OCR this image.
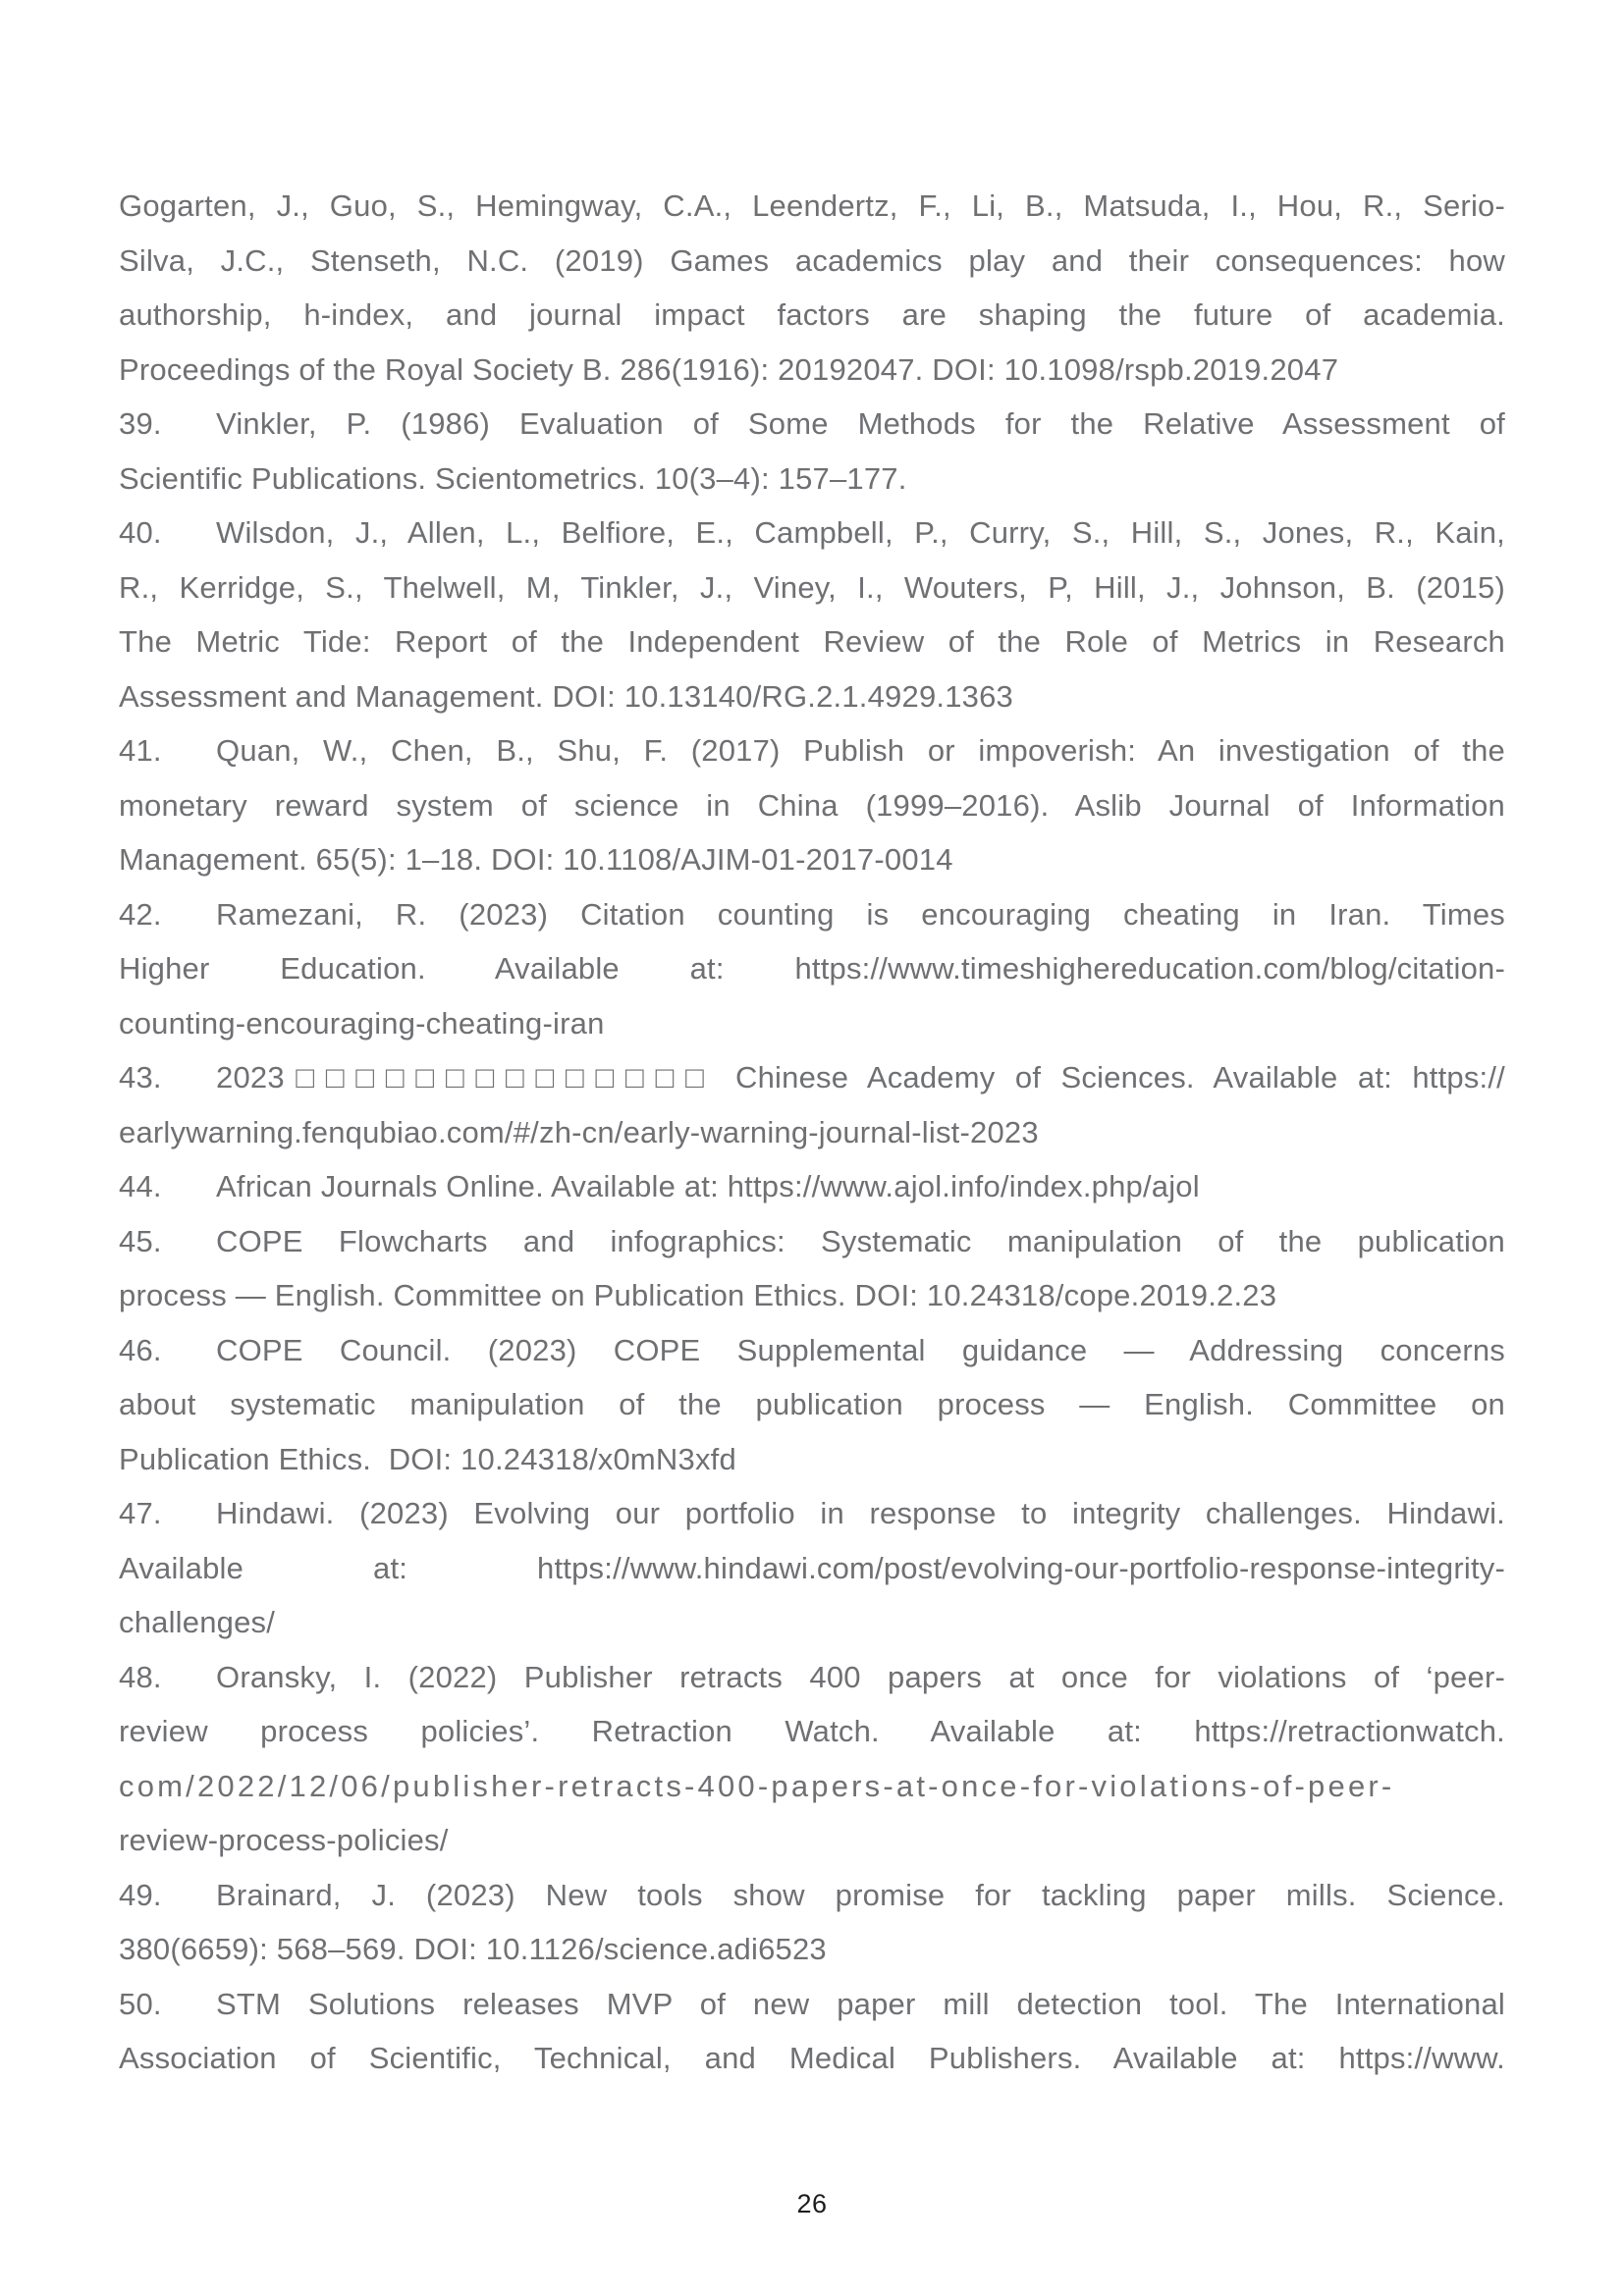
Gogarten, J., Guo, S., Hemingway, C.A., Leendertz, F., Li, B., Matsuda, I., Hou, R., Serio-
Silva, J.C., Stenseth, N.C. (2019) Games academics play and their consequences: how
authorship, h-index, and journal impact factors are shaping the future of academia.
Proceedings of the Royal Society B. 286(1916): 20192047. DOI: 10.1098/rspb.2019.2047
39. Vinkler, P. (1986) Evaluation of Some Methods for the Relative Assessment of
Scientific Publications. Scientometrics. 10(3–4): 157–177.
40. Wilsdon, J., Allen, L., Belfiore, E., Campbell, P., Curry, S., Hill, S., Jones, R., Kain,
R., Kerridge, S., Thelwell, M, Tinkler, J., Viney, I., Wouters, P, Hill, J., Johnson, B. (2015)
The Metric Tide: Report of the Independent Review of the Role of Metrics in Research
Assessment and Management. DOI: 10.13140/RG.2.1.4929.1363
41. Quan, W., Chen, B., Shu, F. (2017) Publish or impoverish: An investigation of the
monetary reward system of science in China (1999–2016). Aslib Journal of Information
Management. 65(5): 1–18. DOI: 10.1108/AJIM-01-2017-0014
42. Ramezani, R. (2023) Citation counting is encouraging cheating in Iran. Times
Higher Education. Available at: https://www.timeshighereducation.com/blog/citation-
counting-encouraging-cheating-iran
43. 2023□□□□□□□□□□□□□□ Chinese Academy of Sciences. Available at: https://
earlywarning.fenqubiao.com/#/zh-cn/early-warning-journal-list-2023
44. African Journals Online. Available at: https://www.ajol.info/index.php/ajol
45. COPE Flowcharts and infographics: Systematic manipulation of the publication
process — English. Committee on Publication Ethics. DOI: 10.24318/cope.2019.2.23
46. COPE Council. (2023) COPE Supplemental guidance — Addressing concerns
about systematic manipulation of the publication process — English. Committee on
Publication Ethics.  DOI: 10.24318/x0mN3xfd
47. Hindawi. (2023) Evolving our portfolio in response to integrity challenges. Hindawi.
Available at: https://www.hindawi.com/post/evolving-our-portfolio-response-integrity-
challenges/
48. Oransky, I. (2022) Publisher retracts 400 papers at once for violations of ‘peer-
review process policies’. Retraction Watch. Available at: https://retractionwatch.
com/2022/12/06/publisher-retracts-400-papers-at-once-for-violations-of-peer-
review-process-policies/
49. Brainard, J. (2023) New tools show promise for tackling paper mills. Science.
380(6659): 568–569. DOI: 10.1126/science.adi6523
50. STM Solutions releases MVP of new paper mill detection tool. The International
Association of Scientific, Technical, and Medical Publishers. Available at: https://www.
26
